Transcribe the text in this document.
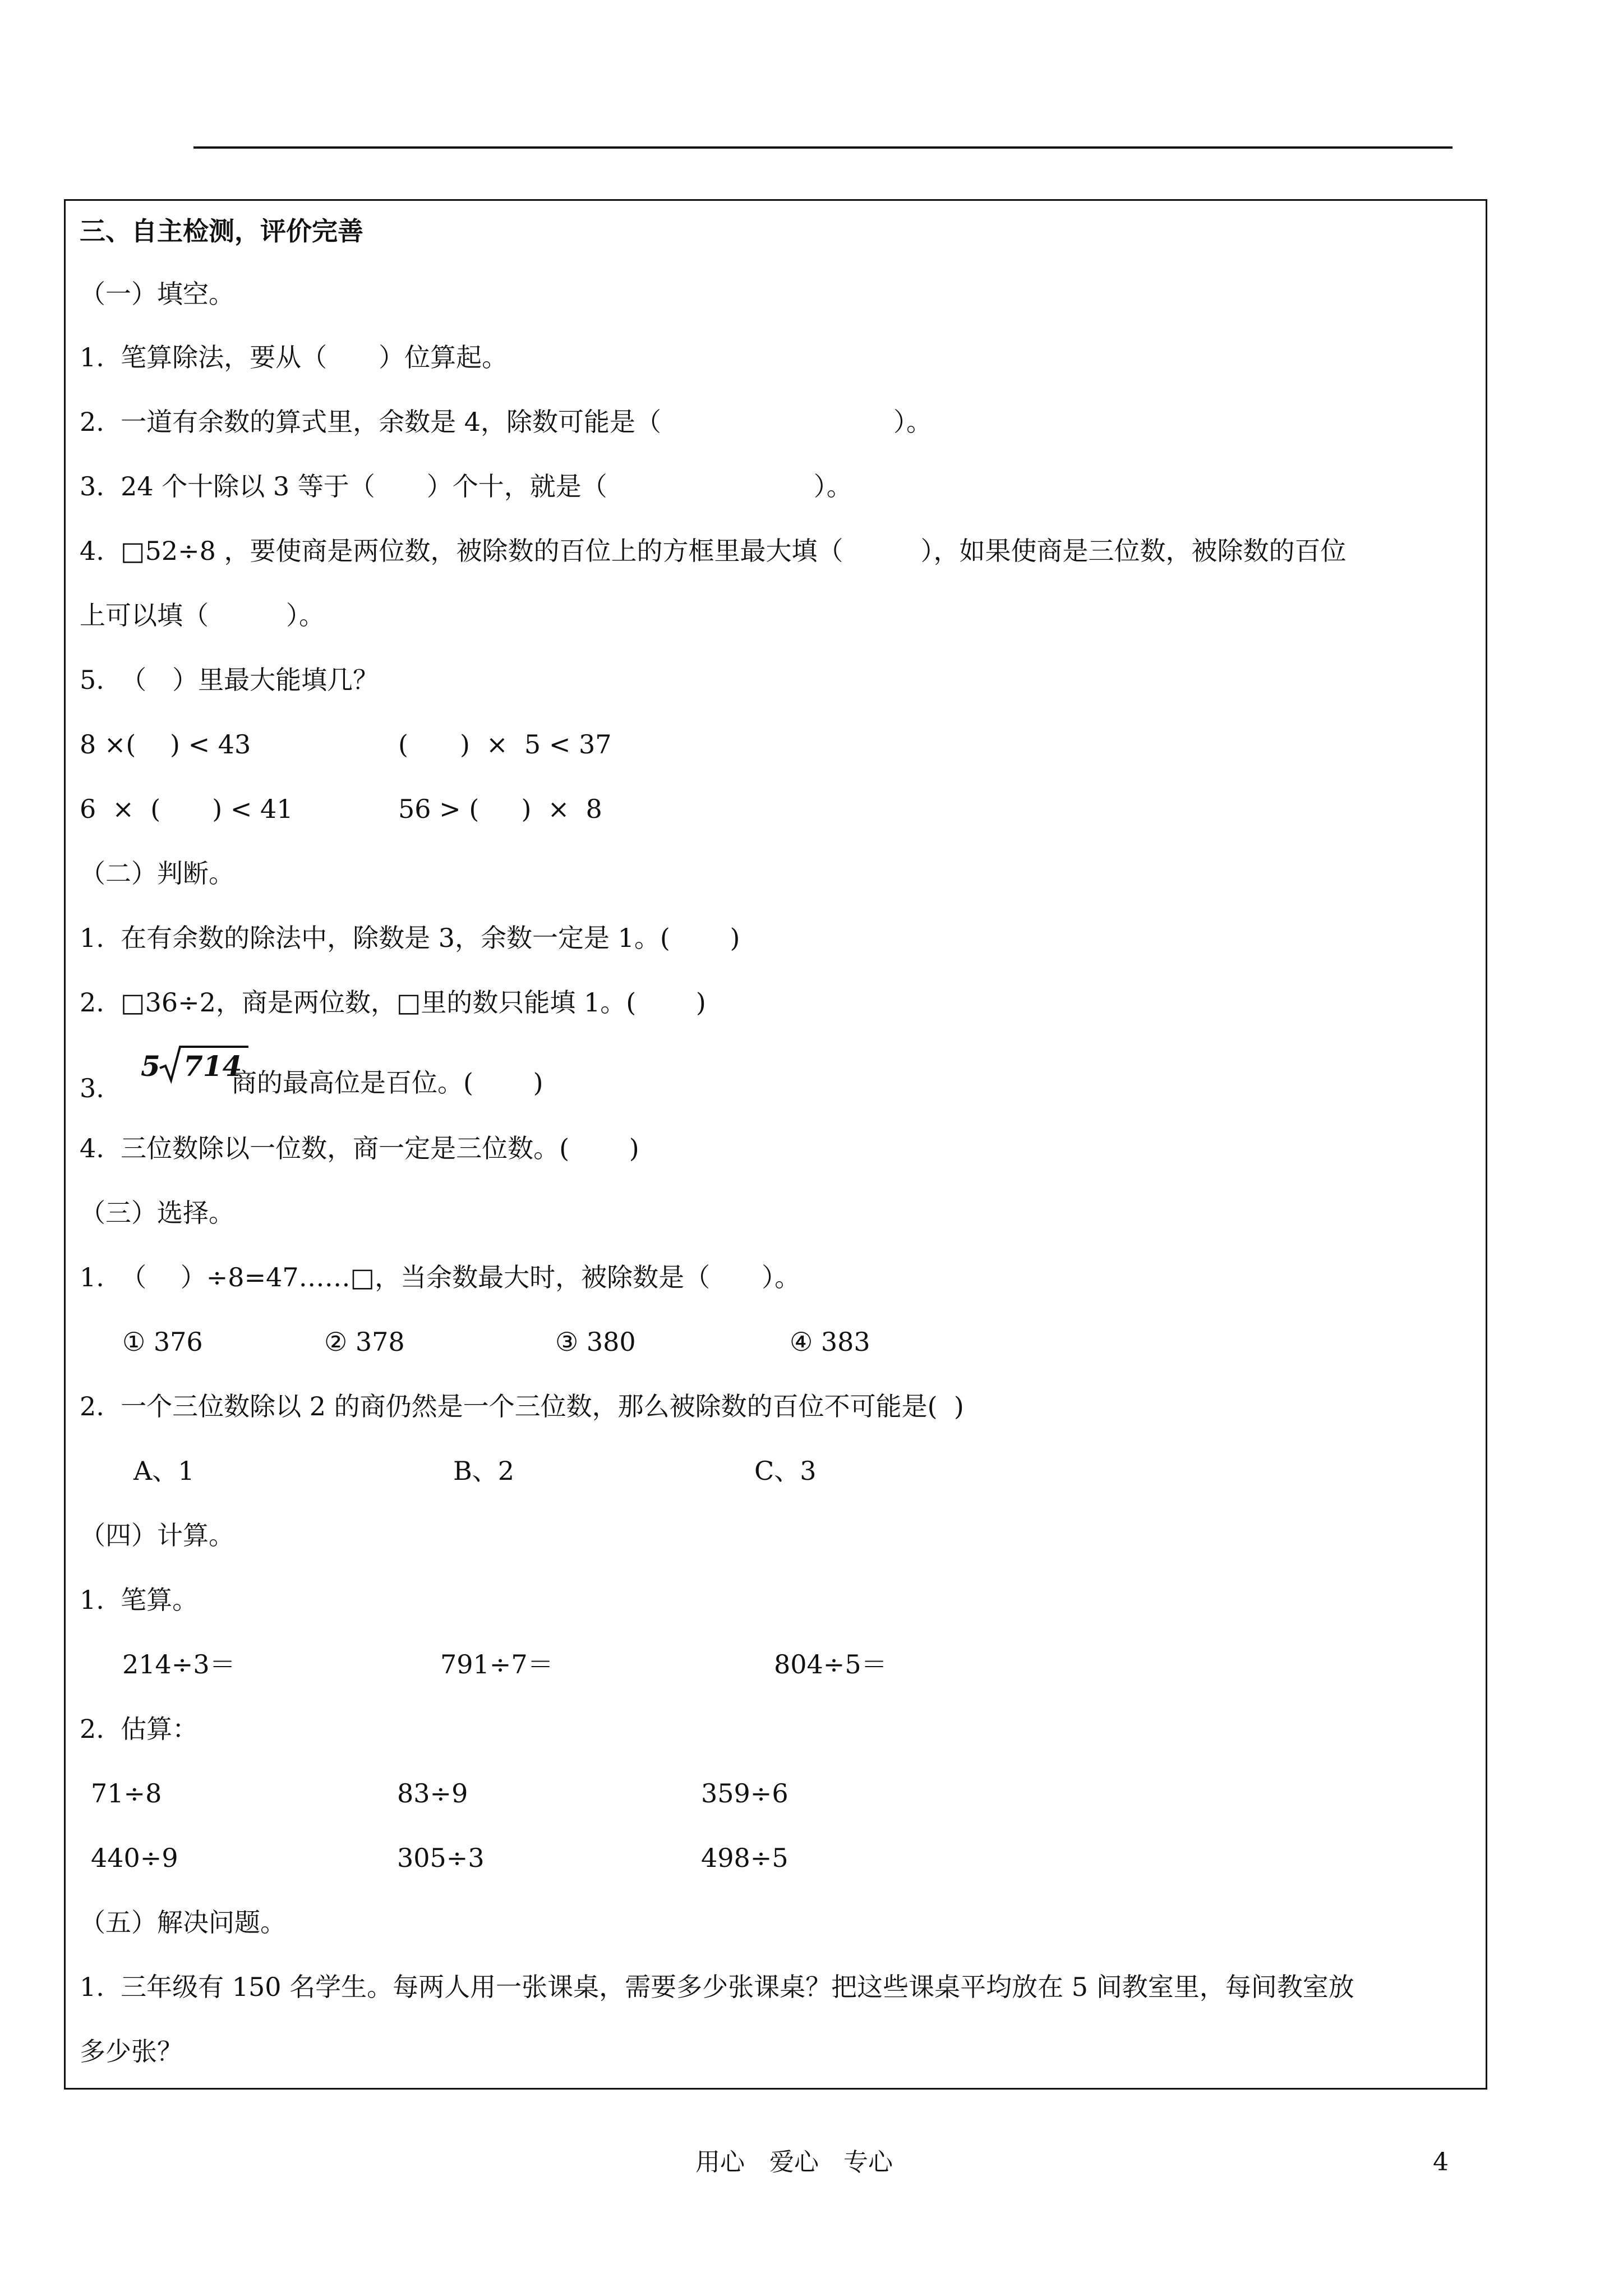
三、自主检测，评价完善
（一）填空。
1.  笔算除法，要从（　　）位算起。
2.  一道有余数的算式里，余数是 4，除数可能是（　　　　　　　　　）。
3.  24 个十除以 3 等于（　　）个十，就是（　　　　　　　　）。
4.  □52÷8 ，要使商是两位数，被除数的百位上的方框里最大填（　　　），如果使商是三位数，被除数的百位
上可以填（　　　）。
5.  （　）里最大能填几？
8 ×(　 ) < 43	(　　)  ×  5 < 37
6  ×  (　　) < 41	56 > (　  )  ×  8
（二）判断。
1.  在有余数的除法中，除数是 3，余数一定是 1。(　　 )
2.  □36÷2，商是两位数，□里的数只能填 1。(　　 )
3.
5 714
商的最高位是百位。(　　 )
4.  三位数除以一位数，商一定是三位数。(　　 )
（三）选择。
1.  （　 ）÷8=47……□，当余数最大时，被除数是（　　）。
① 376	② 378	③ 380	④ 383
2.  一个三位数除以 2 的商仍然是一个三位数，那么被除数的百位不可能是(  )
A、1	B、2	C、3
（四）计算。
1.  笔算。
214÷3＝	791÷7＝	804÷5＝
2.  估算：
71÷8	83÷9	359÷6
440÷9	305÷3	498÷5
（五）解决问题。
1.  三年级有 150 名学生。每两人用一张课桌，需要多少张课桌？把这些课桌平均放在 5 间教室里，每间教室放
多少张？
用心　爱心　专心	4
